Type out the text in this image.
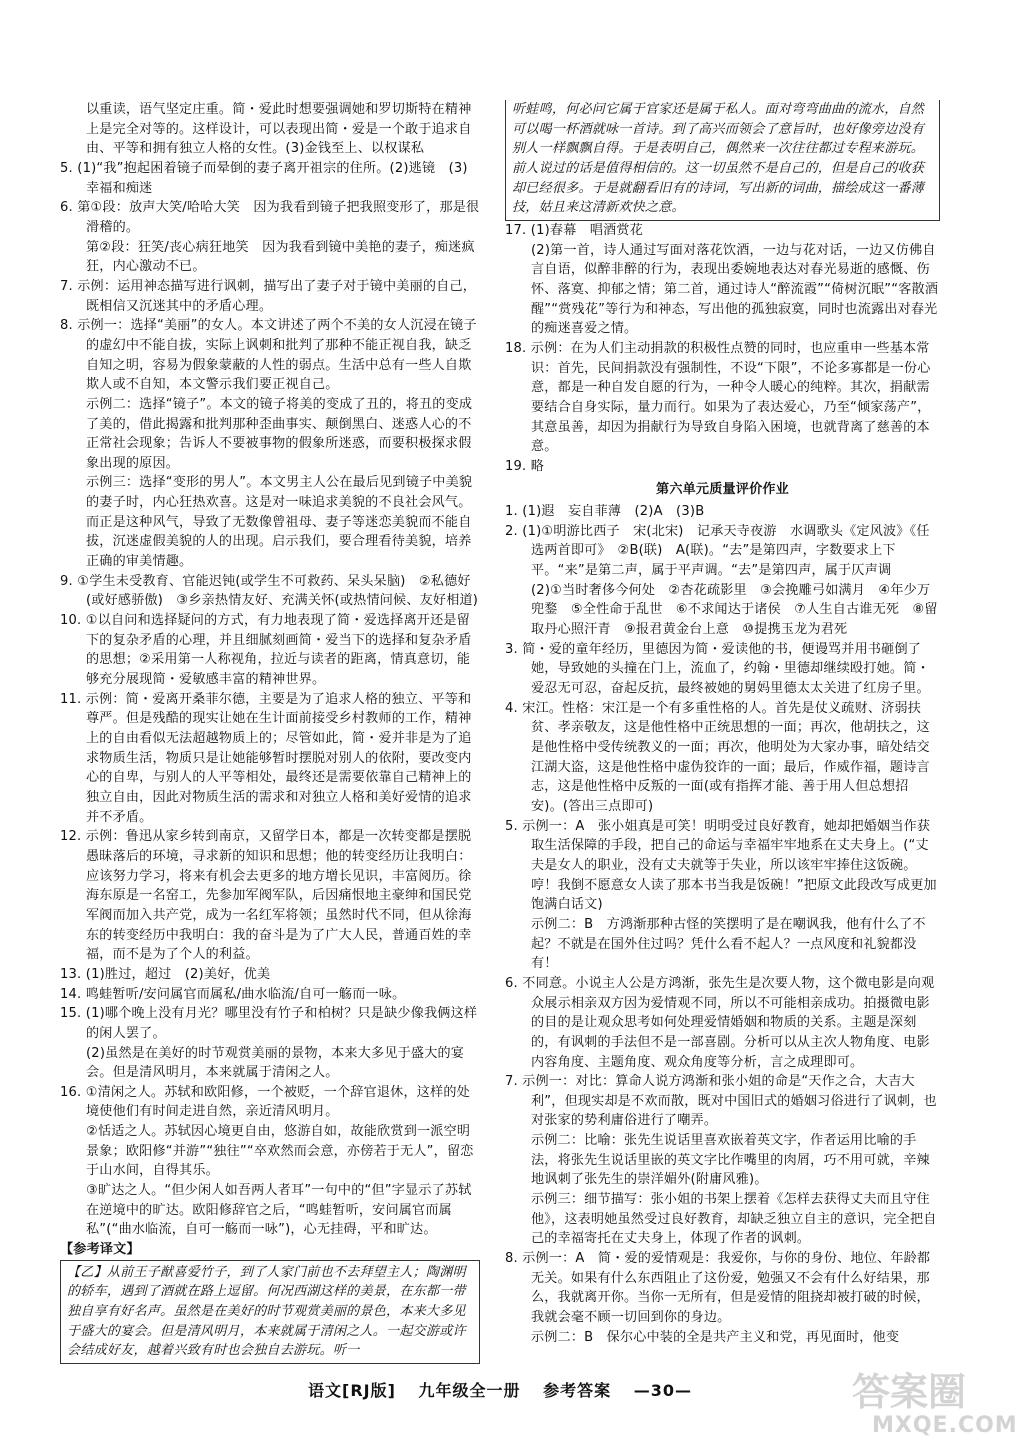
以重读，语气坚定庄重。简・爱此时想要强调她和罗切斯特在精神上是完全对等的。这样设计，可以表现出简・爱是一个敢于追求自由、平等和拥有独立人格的女性。(3)金钱至上、以权谋私
5. (1)“我”抱起困着镜子而晕倒的妻子离开祖宗的住所。(2)逃镜　(3)幸福和痴迷
6. 第①段：放声大笑/哈哈大笑　因为我看到镜子把我照变形了，那是很滑稽的。
第②段：狂笑/丧心病狂地笑　因为我看到镜中美艳的妻子，痴迷疯狂，内心激动不已。
7. 示例：运用神态描写进行讽刺，描写出了妻子对于镜中美丽的自己，既相信又沉迷其中的矛盾心理。
8. 示例一：选择“美丽”的女人。本文讲述了两个不美的女人沉浸在镜子的虚幻中不能自拔，实际上讽刺和批判了那种不能正视自我，缺乏自知之明，容易为假象蒙蔽的人性的弱点。生活中总有一些人自欺欺人或不自知，本文警示我们要正视自己。
示例二：选择“镜子”。本文的镜子将美的变成了丑的，将丑的变成了美的，借此揭露和批判那种歪曲事实、颠倒黑白、迷惑人心的不正常社会现象；告诉人不要被事物的假象所迷惑，而要积极探求假象出现的原因。
示例三：选择“变形的男人”。本文男主人公在最后见到镜子中美貌的妻子时，内心狂热欢喜。这是对一味追求美貌的不良社会风气。而正是这种风气，导致了无数像曾祖母、妻子等迷恋美貌而不能自拔，沉迷虚假美貌的人的出现。启示我们，要合理看待美貌，培养正确的审美情趣。
9. ①学生未受教育、官能迟钝(或学生不可救药、呆头呆脑)　②私德好(或好感骄傲)　③乡亲热情友好、充满关怀(或热情问候、友好相道)
10. ①以自问和选择疑问的方式，有力地表现了简・爱选择离开还是留下的复杂矛盾的心理，并且细腻刻画简・爱当下的选择和复杂矛盾的思想；②采用第一人称视角，拉近与读者的距离，情真意切，能够充分展现简・爱敏感丰富的精神世界。
11. 示例：简・爱离开桑菲尔德，主要是为了追求人格的独立、平等和尊严。但是残酷的现实让她在生计面前接受乡村教师的工作，精神上的自由看似无法超越物质上的；尽管如此，简・爱并非是为了追求物质生活，物质只是让她能够暂时摆脱对别人的依附，要改变内心的自卑，与别人的人平等相处，最终还是需要依靠自己精神上的独立自由，因此对物质生活的需求和对独立人格和美好爱情的追求并不矛盾。
12. 示例：鲁迅从家乡转到南京，又留学日本，都是一次转变都是摆脱愚昧落后的环境，寻求新的知识和思想；他的转变经历让我明白：应该努力学习，将来有机会去更多的地方增长见识，丰富阅历。徐海东原是一名窑工，先参加军阀军队，后因痛恨地主豪绅和国民党军阀而加入共产党，成为一名红军将领；虽然时代不同，但从徐海东的转变经历中我明白：我的奋斗是为了广大人民，普通百姓的幸福，而不是为了个人的利益。
13. (1)胜过，超过　(2)美好，优美
14. 鸣蛙暂听/安问属官而属私/曲水临流/自可一觞而一咏。
15. (1)哪个晚上没有月光？哪里没有竹子和柏树？只是缺少像我俩这样的闲人罢了。
(2)虽然是在美好的时节观赏美丽的景物，本来大多见于盛大的宴会。但是清风明月，本来就属于清闲之人。
16. ①清闲之人。苏轼和欧阳修，一个被贬，一个辞官退休，这样的处境使他们有时间走进自然，亲近清风明月。
②恬适之人。苏轼因心境更自由，悠游自如，故能欣赏到一派空明景象；欧阳修“并游”“独往”“卒欢然而会意，亦傍若于无人”，留恋于山水间，自得其乐。
③旷达之人。“但少闲人如吾两人者耳”一句中的“但”字显示了苏轼在逆境中的旷达。欧阳修辞官之后，“鸣蛙暂听，安问属官而属私”(“曲水临流，自可一觞而一咏”)，心无挂碍，平和旷达。
【参考译文】
【乙】从前王子猷喜爱竹子，到了人家门前也不去拜望主人；陶渊明的轿车，遇到了酒就在路上逗留。何况西湖这样的美景，在东都一带独自享有好名声。虽然是在美好的时节观赏美丽的景色，本来大多见于盛大的宴会。但是清风明月，本来就属于清闲之人。一起交游或许会结成好友，越着兴致有时也会独自去游玩。听一
听蛙鸣，何必问它属于官家还是属于私人。面对弯弯曲曲的流水，自然可以喝一杯酒就咏一首诗。到了高兴而领会了意旨时，也好像旁边没有别人一样飘飘自得。于是表明自己，偶然来一次往往都过专程来游玩。前人说过的话是值得相信的。这一切虽然不是自己的，但是自己的收获却已经很多。于是就翻看旧有的诗词，写出新的词曲，描绘成这一番薄技，姑且来这清新欢快之意。
17. (1)春幕　唱酒赏花
(2)第一首，诗人通过写面对落花饮酒，一边与花对话，一边又仿佛自言自语，似醉非醉的行为，表现出委婉地表达对春光易逝的感慨、伤怀、落寞、抑郁之情；第二首，通过诗人“醉流霞”“倚树沉眠”“客散酒醒”“赏残花”等行为和神态，写出他的孤独寂寞，同时也流露出对春光的痴迷喜爱之情。
18. 示例：在为人们主动捐款的积极性点赞的同时，也应重申一些基本常识：首先，民间捐款没有强制性，不设“下限”，不论多寡都是一份心意，都是一种自发自愿的行为，一种令人暖心的纯粹。其次，捐献需要结合自身实际，量力而行。如果为了表达爱心，乃至“倾家荡产”，其意虽善，却因为捐献行为导致自身陷入困境，也就背离了慈善的本意。
19. 略
第六单元质量评价作业
1. (1)遐　妄自菲薄　(2)A　(3)B
2. (1)①明游比西子　宋(北宋)　记承天寺夜游　水调歌头《定风波》《任选两首即可》　②B(联)　A(联)。“去”是第四声，字数要求上下平。“来”是第二声，属于平声调。“去”是第四声，属于仄声调
(2)①当时奢侈今何处　②杏花疏影里　③会挽雕弓如满月　④年少万兜鍪　⑤全性命于乱世　⑥不求闻达于诸侯　⑦人生自古谁无死　⑧留取丹心照汗青　⑨报君黄金台上意　⑩提携玉龙为君死
3. 简・爱的童年经历，里德因为简・爱读他的书，便谩骂并用书砸倒了她，导致她的头撞在门上，流血了，约翰・里德却继续殴打她。简・爱忍无可忍，奋起反抗，最终被她的舅妈里德太太关进了红房子里。
4. 宋江。性格：宋江是一个有多重性格的人。首先是仗义疏财、济弱扶贫、孝亲敬友，这是他性格中正统思想的一面；再次，他胡扶之，这是他性格中受传统教义的一面；再次，他明处为大家办事，暗处结交江湖大盗，这是他性格中虚伪狡诈的一面；最后，作威作福，题诗言志，这是他性格中反叛的一面(或有指挥才能、善于用人但总想招安)。(答出三点即可)
5. 示例一：A　张小姐真是可笑！明明受过良好教育，她却把婚姻当作获取生活保障的手段，把自己的命运与幸福牢牢地系在丈夫身上。(“丈夫是女人的职业，没有丈夫就等于失业，所以该牢牢捧住这饭碗。哼！我倒不愿意女人读了那本书当我是饭碗！”把原文此段改写成更加饱满白话文)
示例二：B　方鸿渐那种古怪的笑摆明了是在嘲讽我，他有什么了不起？不就是在国外住过吗？凭什么看不起人？一点风度和礼貌都没有！
6. 不同意。小说主人公是方鸿渐，张先生是次要人物，这个微电影是向观众展示相亲双方因为爱情观不同，所以不可能相亲成功。拍摄微电影的目的是让观众思考如何处理爱情婚姻和物质的关系。主题是深刻的，有讽刺的手法但不是一部喜剧。分析可以从主次人物角度、电影内容角度、主题角度、观众角度等分析，言之成理即可。
7. 示例一：对比：算命人说方鸿渐和张小姐的命是“天作之合，大吉大利”，但现实却是不欢而散，既对中国旧式的婚姻习俗进行了讽刺，也对张家的势利庸俗进行了嘲弄。
示例二：比喻：张先生说话里喜欢嵌着英文字，作者运用比喻的手法，将张先生说话里嵌的英文字比作嘴里的肉屑，巧不用可就，辛辣地讽刺了张先生的崇洋媚外(附庸风雅)。
示例三：细节描写：张小姐的书架上摆着《怎样去获得丈夫而且守住他》，这表明她虽然受过良好教育，却缺乏独立自主的意识，完全把自己的幸福寄托在丈夫身上，体现了作者的讽刺。
8. 示例一：A　简・爱的爱情观是：我爱你，与你的身份、地位、年龄都无关。如果有什么东西阻止了这份爱，勉强又不会有什么好结果，那么，我就离开你。当你一无所有，但是爱情的阻挠却被打破的时候，我就会毫不顾一切回到你的身边。
示例二：B　保尔心中装的全是共产主义和党，再见面时，他变
语文[RJ版] 九年级全一册 参考答案 —30—	答案圈
MXQE.COM
